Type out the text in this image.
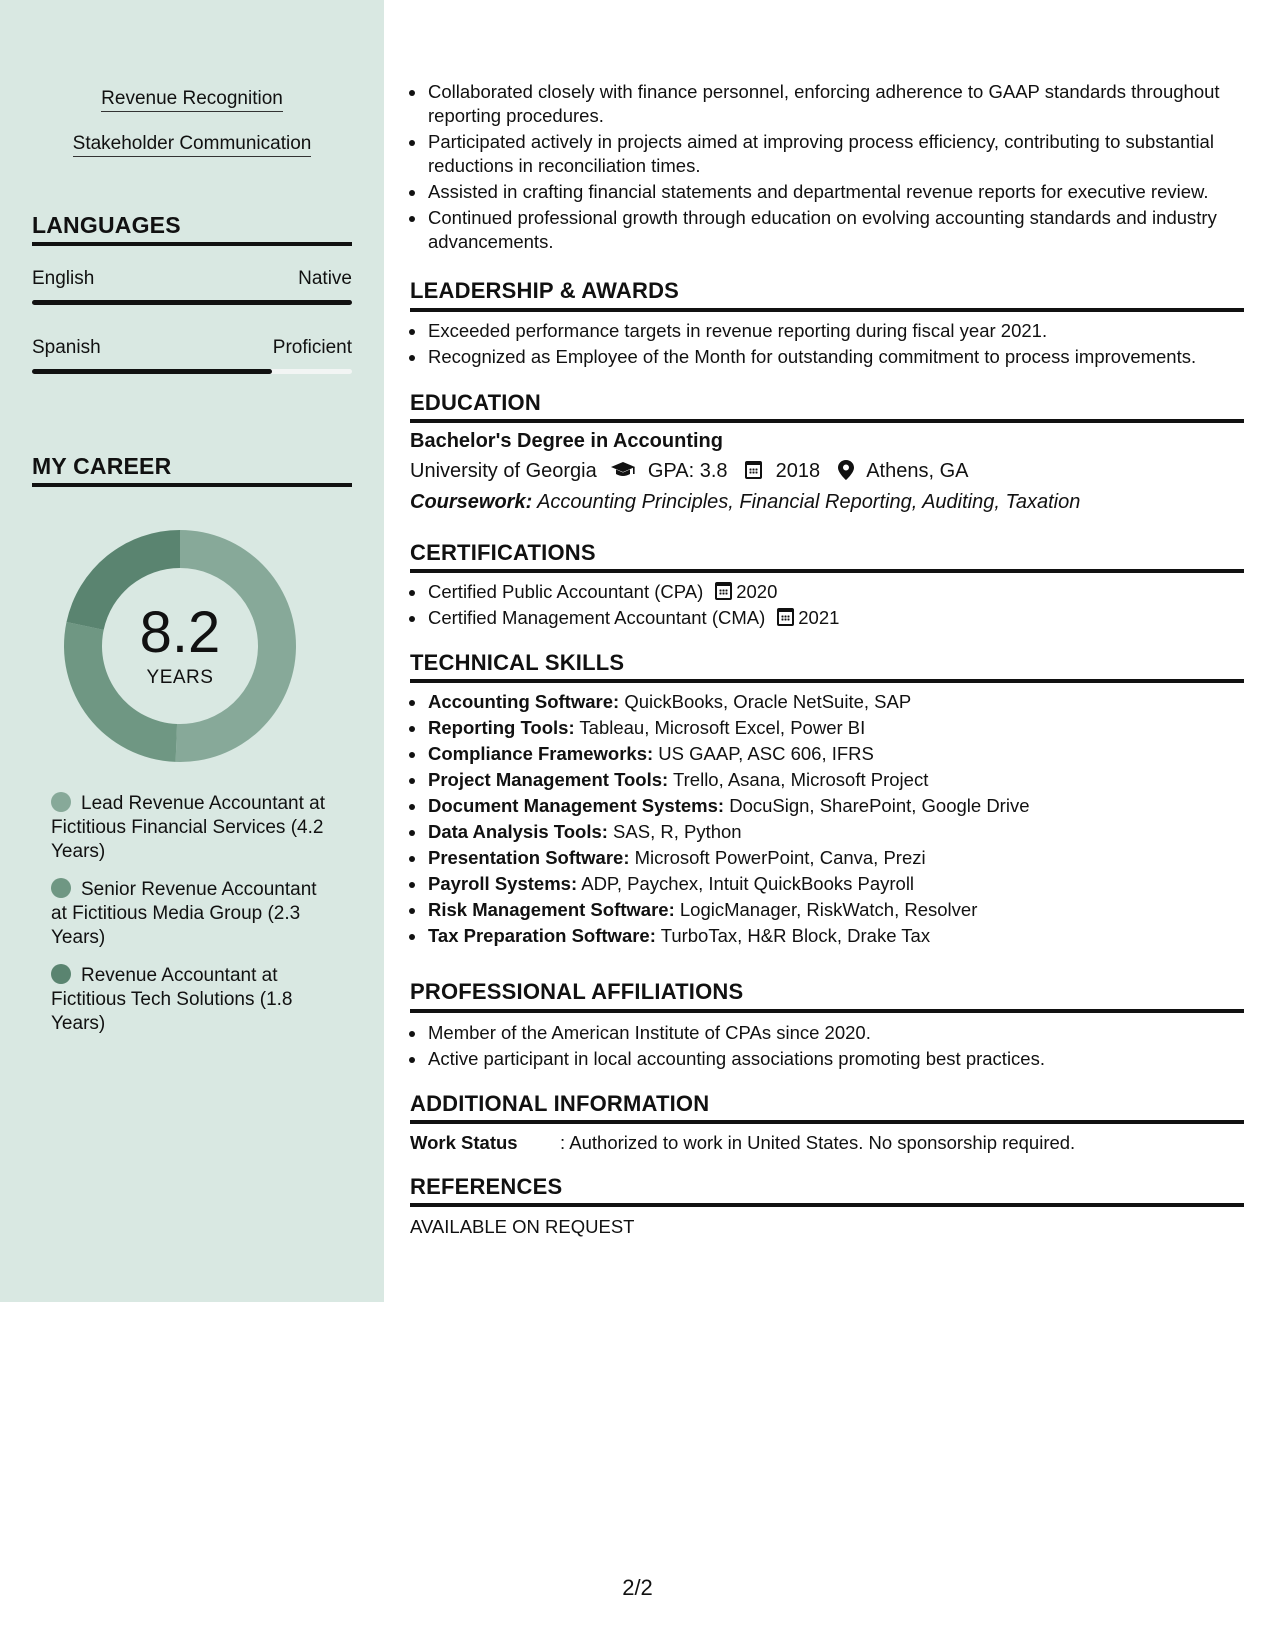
Revenue Recognition
Stakeholder Communication
LANGUAGES
English	Native
Spanish	Proficient
MY CAREER
8.2
YEARS
Lead Revenue Accountant at Fictitious Financial Services (4.2 Years)
Senior Revenue Accountant at Fictitious Media Group (2.3 Years)
Revenue Accountant at Fictitious Tech Solutions (1.8 Years)
Collaborated closely with finance personnel, enforcing adherence to GAAP standards throughout reporting procedures.
Participated actively in projects aimed at improving process efficiency, contributing to substantial reductions in reconciliation times.
Assisted in crafting financial statements and departmental revenue reports for executive review.
Continued professional growth through education on evolving accounting standards and industry advancements.
LEADERSHIP & AWARDS
Exceeded performance targets in revenue reporting during fiscal year 2021.
Recognized as Employee of the Month for outstanding commitment to process improvements.
EDUCATION
Bachelor's Degree in Accounting
University of Georgia	GPA: 3.8 2018 Athens, GA
Coursework: Accounting Principles, Financial Reporting, Auditing, Taxation
CERTIFICATIONS
Certified Public Accountant (CPA) 2020
Certified Management Accountant (CMA) 2021
TECHNICAL SKILLS
Accounting Software: QuickBooks, Oracle NetSuite, SAP
Reporting Tools: Tableau, Microsoft Excel, Power BI
Compliance Frameworks: US GAAP, ASC 606, IFRS
Project Management Tools: Trello, Asana, Microsoft Project
Document Management Systems: DocuSign, SharePoint, Google Drive
Data Analysis Tools: SAS, R, Python
Presentation Software: Microsoft PowerPoint, Canva, Prezi
Payroll Systems: ADP, Paychex, Intuit QuickBooks Payroll
Risk Management Software: LogicManager, RiskWatch, Resolver
Tax Preparation Software: TurboTax, H&R Block, Drake Tax
PROFESSIONAL AFFILIATIONS
Member of the American Institute of CPAs since 2020.
Active participant in local accounting associations promoting best practices.
ADDITIONAL INFORMATION
Work Status : Authorized to work in United States. No sponsorship required.
REFERENCES
AVAILABLE ON REQUEST
2/2
